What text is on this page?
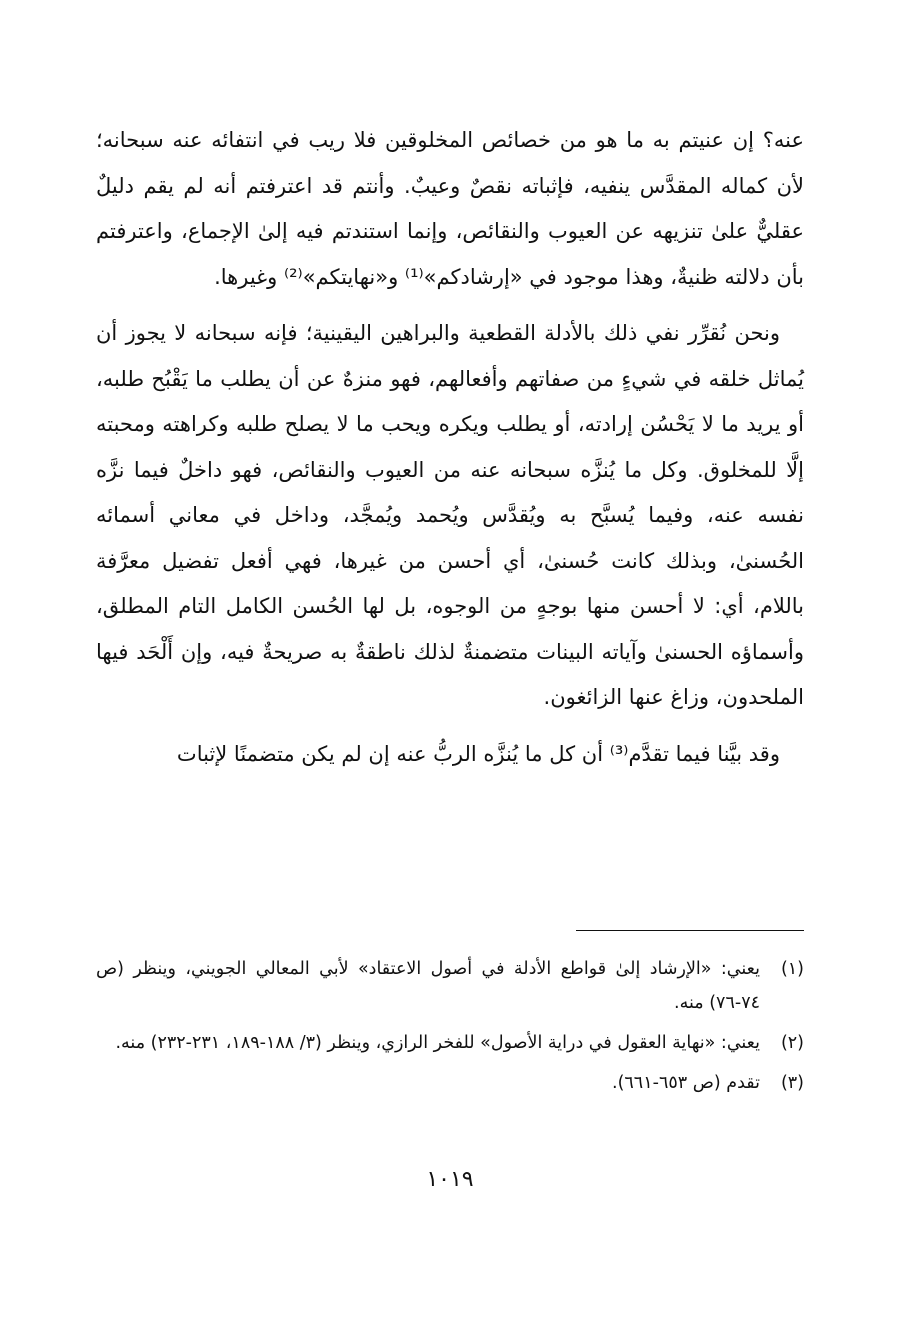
عنه؟ إن عنيتم به ما هو من خصائص المخلوقين فلا ريب في انتفائه عنه سبحانه؛ لأن كماله المقدَّس ينفيه، فإثباته نقصٌ وعيبٌ. وأنتم قد اعترفتم أنه لم يقم دليلٌ عقليٌّ علىٰ تنزيهه عن العيوب والنقائص، وإنما استندتم فيه إلىٰ الإجماع، واعترفتم بأن دلالته ظنيةٌ، وهذا موجود في «إرشادكم»⁽¹⁾ و«نهايتكم»⁽²⁾ وغيرها.

ونحن نُقرِّر نفي ذلك بالأدلة القطعية والبراهين اليقينية؛ فإنه سبحانه لا يجوز أن يُماثل خلقه في شيءٍ من صفاتهم وأفعالهم، فهو منزهٌ عن أن يطلب ما يَقْبُح طلبه، أو يريد ما لا يَحْسُن إرادته، أو يطلب ويكره ويحب ما لا يصلح طلبه وكراهته ومحبته إلَّا للمخلوق. وكل ما يُنزَّه سبحانه عنه من العيوب والنقائص، فهو داخلٌ فيما نزَّه نفسه عنه، وفيما يُسبَّح به ويُقدَّس ويُحمد ويُمجَّد، وداخل في معاني أسمائه الحُسنىٰ، وبذلك كانت حُسنىٰ، أي أحسن من غيرها، فهي أفعل تفضيل معرَّفة باللام، أي: لا أحسن منها بوجهٍ من الوجوه، بل لها الحُسن الكامل التام المطلق، وأسماؤه الحسنىٰ وآياته البينات متضمنةٌ لذلك ناطقةٌ به صريحةٌ فيه، وإن أَلْحَد فيها الملحدون، وزاغ عنها الزائغون.

وقد بيَّنا فيما تقدَّم⁽³⁾ أن كل ما يُنزَّه الربُّ عنه إن لم يكن متضمنًا لإثبات

(١)
يعني: «الإرشاد إلىٰ قواطع الأدلة في أصول الاعتقاد» لأبي المعالي الجويني، وينظر (ص ٧٤-٧٦) منه.
(٢)
يعني: «نهاية العقول في دراية الأصول» للفخر الرازي، وينظر (٣/ ١٨٨-١٨٩، ٢٣١-٢٣٢) منه.
(٣)
تقدم (ص ٦٥٣-٦٦١).
١٠١٩
